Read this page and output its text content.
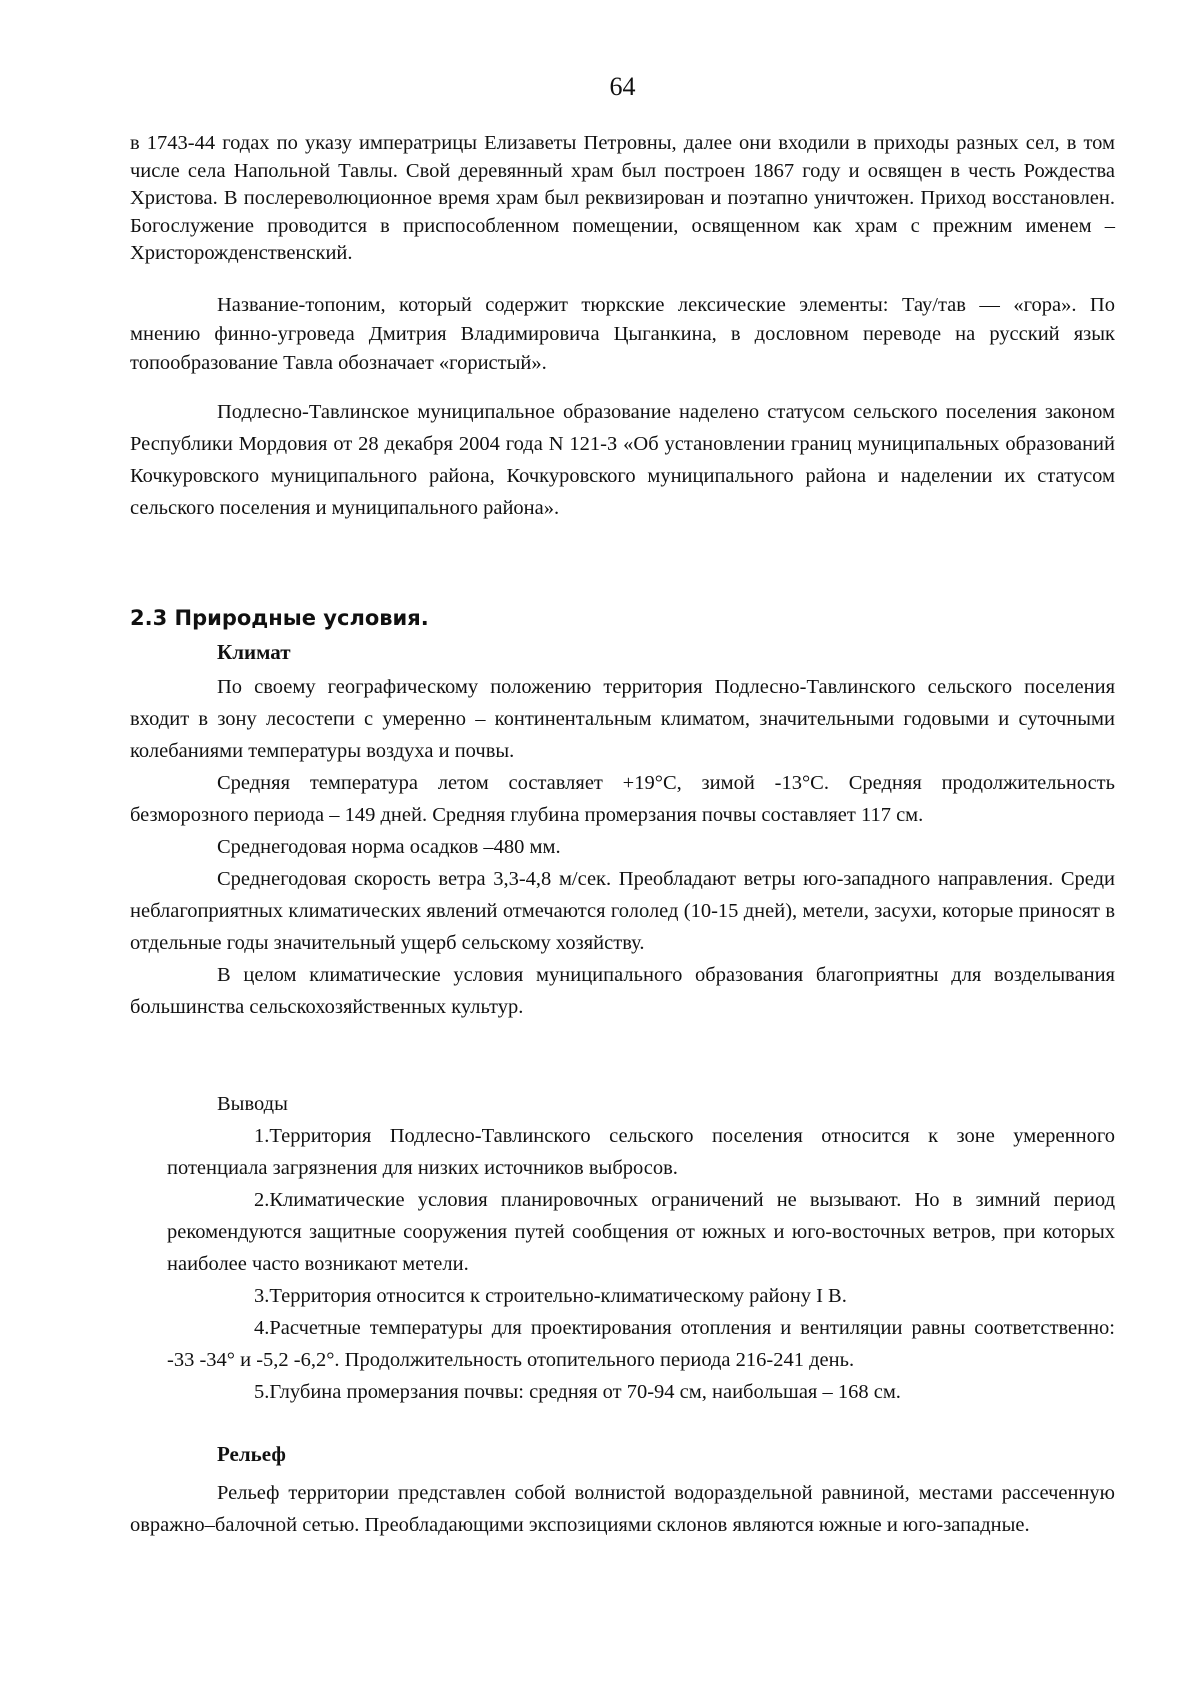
64

в 1743-44 годах по указу императрицы Елизаветы Петровны, далее они входили в приходы разных сел, в том числе села Напольной Тавлы. Свой деревянный храм был построен 1867 году и освящен в честь Рождества Христова. В послереволюционное время храм был реквизирован и поэтапно уничтожен. Приход восстановлен. Богослужение проводится в приспособленном помещении, освященном как храм с прежним именем – Христорожденственский.

Название-топоним, который содержит тюркские лексические элементы: Тау/тав — «гора». По мнению финно-угроведа Дмитрия Владимировича Цыганкина, в дословном переводе на русский язык топообразование Тавла обозначает «гористый».

Подлесно-Тавлинское муниципальное образование наделено статусом сельского поселения законом Республики Мордовия от 28 декабря 2004 года N 121-З «Об установлении границ муниципальных образований Кочкуровского муниципального района, Кочкуровского муниципального района и наделении их статусом сельского поселения и муниципального района».

2.3 Природные условия.
Климат

По своему географическому положению территория Подлесно-Тавлинского сельского поселения входит в зону лесостепи с умеренно – континентальным климатом, значительными годовыми и суточными колебаниями температуры воздуха и почвы.

Средняя температура летом составляет +19°С, зимой -13°С. Средняя продолжительность безморозного периода – 149 дней. Средняя глубина промерзания почвы составляет 117 см.

Среднегодовая норма осадков –480 мм.

Среднегодовая скорость ветра 3,3-4,8 м/сек. Преобладают ветры юго-западного направления. Среди неблагоприятных климатических явлений отмечаются гололед (10-15 дней), метели, засухи, которые приносят в отдельные годы значительный ущерб сельскому хозяйству.

В целом климатические условия муниципального образования благоприятны для возделывания большинства сельскохозяйственных культур.

Выводы

1.Территория Подлесно-Тавлинского сельского поселения относится к зоне умеренного потенциала загрязнения для низких источников выбросов.

2.Климатические условия планировочных ограничений не вызывают. Но в зимний период рекомендуются защитные сооружения путей сообщения от южных и юго-восточных ветров, при которых наиболее часто возникают метели.

3.Территория относится к строительно-климатическому району I В.

4.Расчетные температуры для проектирования отопления и вентиляции равны соответственно: -33 -34° и -5,2 -6,2°. Продолжительность отопительного периода 216-241 день.

5.Глубина промерзания почвы: средняя от 70-94 см, наибольшая – 168 см.

Рельеф

Рельеф территории представлен собой волнистой водораздельной равниной, местами рассеченную овражно–балочной сетью. Преобладающими экспозициями склонов являются южные и юго-западные.
